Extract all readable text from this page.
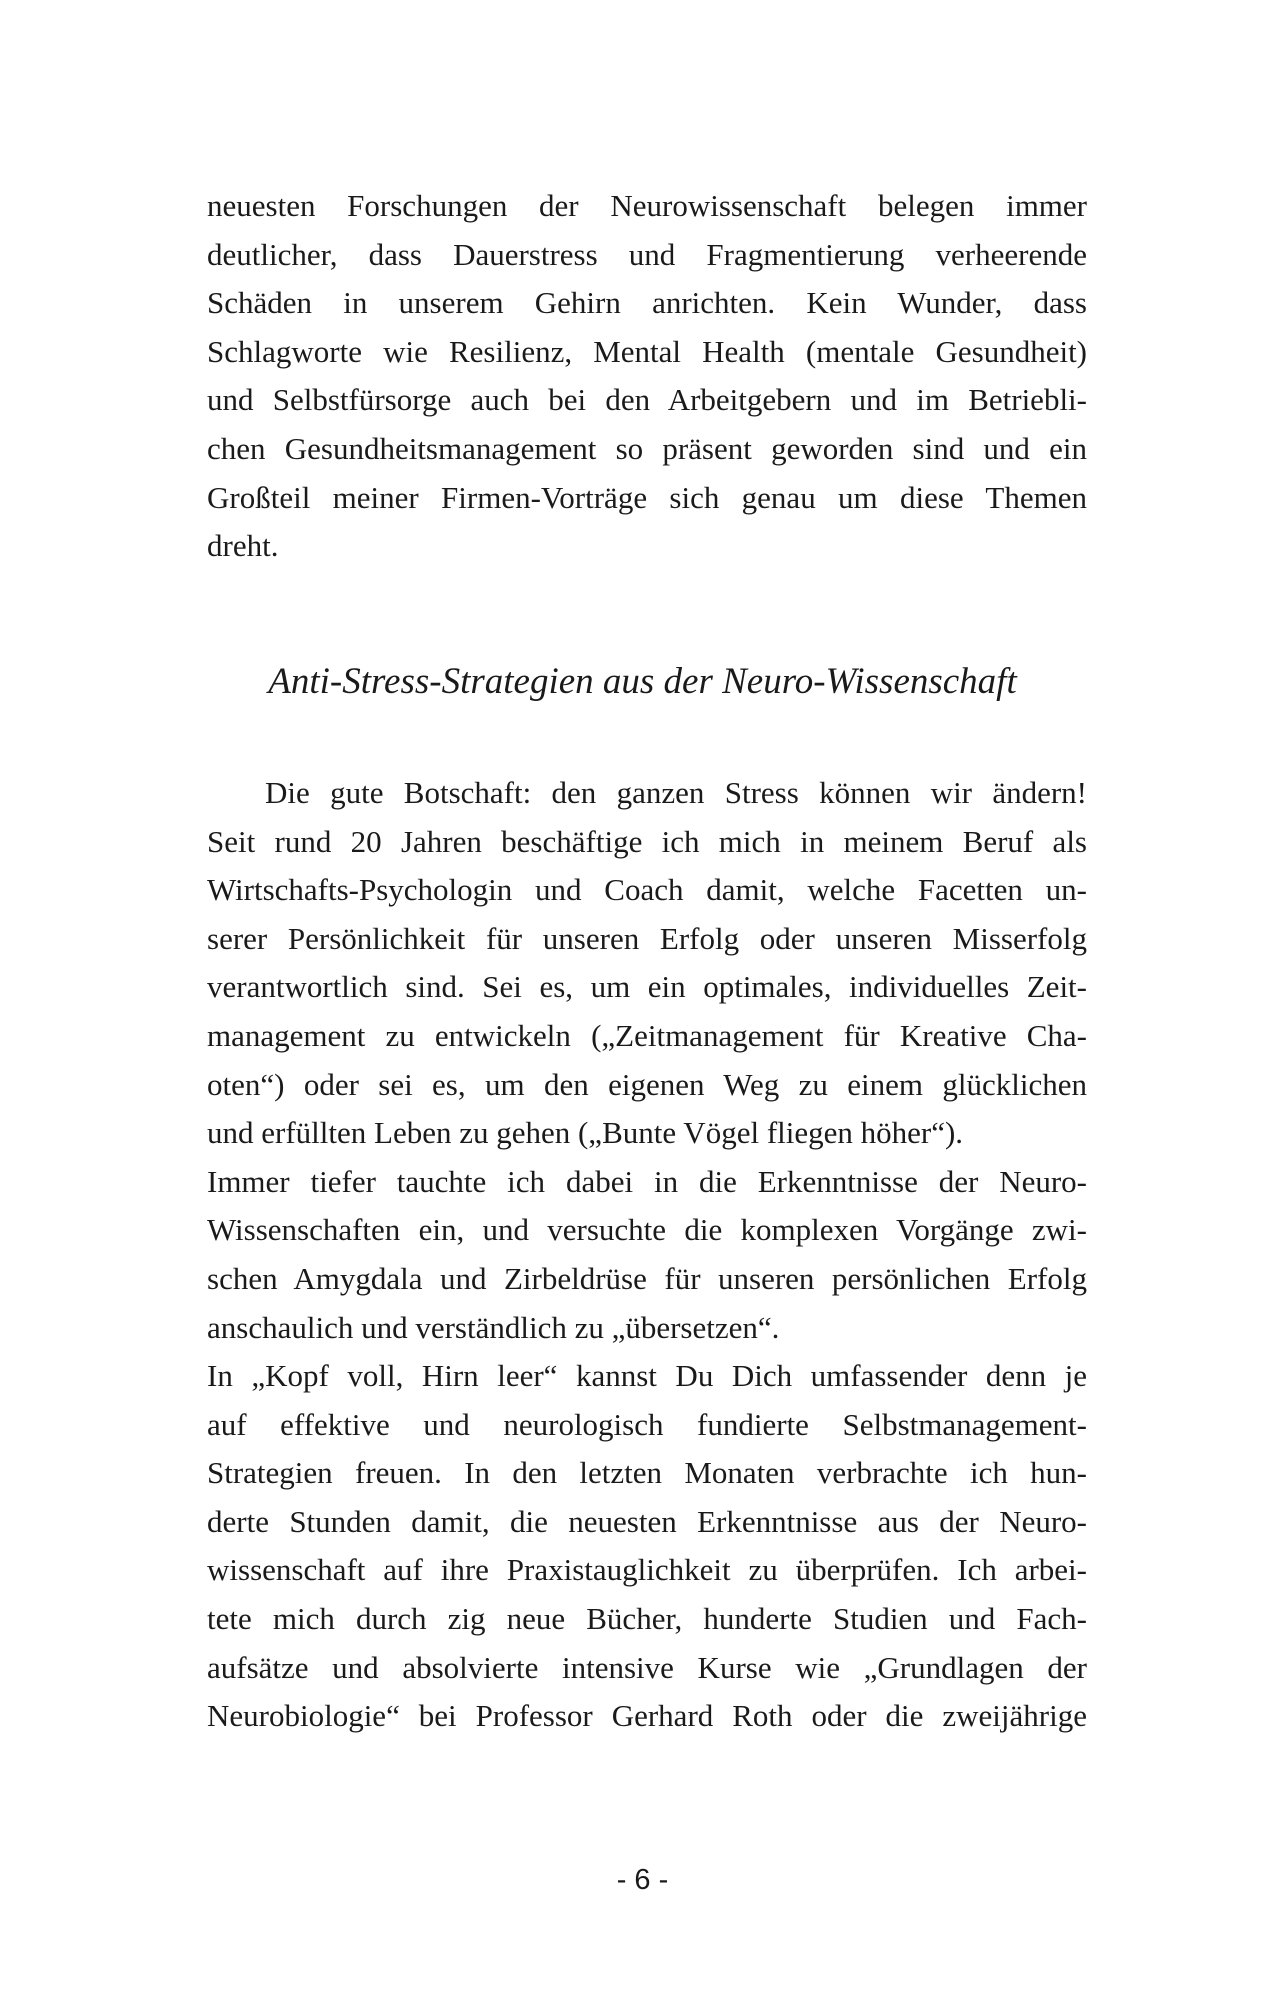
neuesten Forschungen der Neurowissenschaft belegen immer
deutlicher, dass Dauerstress und Fragmentierung verheerende
Schäden in unserem Gehirn anrichten. Kein Wunder, dass
Schlagworte wie Resilienz, Mental Health (mentale Gesundheit)
und Selbstfürsorge auch bei den Arbeitgebern und im Betriebli-
chen Gesundheitsmanagement so präsent geworden sind und ein
Großteil meiner Firmen-Vorträge sich genau um diese Themen
dreht.

Anti-Stress-Strategien aus der Neuro-Wissenschaft

Die gute Botschaft: den ganzen Stress können wir ändern!
Seit rund 20 Jahren beschäftige ich mich in meinem Beruf als
Wirtschafts-Psychologin und Coach damit, welche Facetten un-
serer Persönlichkeit für unseren Erfolg oder unseren Misserfolg
verantwortlich sind. Sei es, um ein optimales, individuelles Zeit-
management zu entwickeln („Zeitmanagement für Kreative Cha-
oten“) oder sei es, um den eigenen Weg zu einem glücklichen
und erfüllten Leben zu gehen („Bunte Vögel fliegen höher“).
Immer tiefer tauchte ich dabei in die Erkenntnisse der Neuro-
Wissenschaften ein, und versuchte die komplexen Vorgänge zwi-
schen Amygdala und Zirbeldrüse für unseren persönlichen Erfolg
anschaulich und verständlich zu „übersetzen“.

In „Kopf voll, Hirn leer“ kannst Du Dich umfassender denn je
auf effektive und neurologisch fundierte Selbstmanagement-
Strategien freuen. In den letzten Monaten verbrachte ich hun-
derte Stunden damit, die neuesten Erkenntnisse aus der Neuro-
wissenschaft auf ihre Praxistauglichkeit zu überprüfen. Ich arbei-
tete mich durch zig neue Bücher, hunderte Studien und Fach-
aufsätze und absolvierte intensive Kurse wie „Grundlagen der
Neurobiologie“ bei Professor Gerhard Roth oder die zweijährige

- 6 -
